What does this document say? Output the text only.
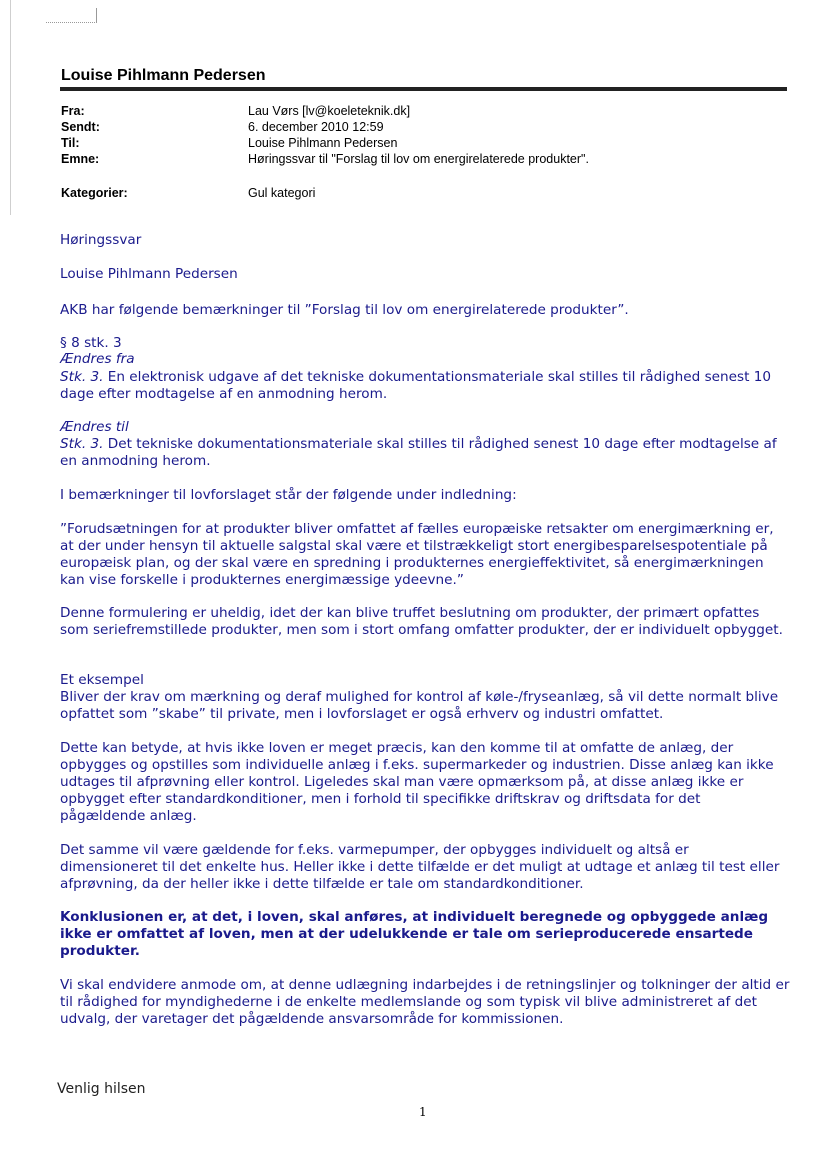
Louise Pihlmann Pedersen
Fra:	Lau Vørs [lv@koeleteknik.dk]
Sendt:	6. december 2010 12:59
Til:	Louise Pihlmann Pedersen
Emne:	Høringssvar til "Forslag til lov om energirelaterede produkter".
Kategorier:	Gul kategori
Høringssvar
Louise Pihlmann Pedersen
AKB har følgende bemærkninger til ”Forslag til lov om energirelaterede produkter”.
§ 8 stk. 3
Ændres fra
Stk. 3. En elektronisk udgave af det tekniske dokumentationsmateriale skal stilles til rådighed senest 10 dage efter modtagelse af en anmodning herom.
Ændres til
Stk. 3. Det tekniske dokumentationsmateriale skal stilles til rådighed senest 10 dage efter modtagelse af en anmodning herom.
I bemærkninger til lovforslaget står der følgende under indledning:
”Forudsætningen for at produkter bliver omfattet af fælles europæiske retsakter om energimærkning er, at der under hensyn til aktuelle salgstal skal være et tilstrækkeligt stort energibesparelsespotentiale på europæisk plan, og der skal være en spredning i produkternes energieffektivitet, så energimærkningen kan vise forskelle i produkternes energimæssige ydeevne.”
Denne formulering er uheldig, idet der kan blive truffet beslutning om produkter, der primært opfattes som seriefremstillede produkter, men som i stort omfang omfatter produkter, der er individuelt opbygget.
Et eksempel
Bliver der krav om mærkning og deraf mulighed for kontrol af køle-/fryseanlæg, så vil dette normalt blive opfattet som ”skabe” til private, men i lovforslaget er også erhverv og industri omfattet.
Dette kan betyde, at hvis ikke loven er meget præcis, kan den komme til at omfatte de anlæg, der opbygges og opstilles som individuelle anlæg i f.eks. supermarkeder og industrien. Disse anlæg kan ikke udtages til afprøvning eller kontrol. Ligeledes skal man være opmærksom på, at disse anlæg ikke er opbygget efter standardkonditioner, men i forhold til specifikke driftskrav og driftsdata for det pågældende anlæg.
Det samme vil være gældende for f.eks. varmepumper, der opbygges individuelt og altså er dimensioneret til det enkelte hus. Heller ikke i dette tilfælde er det muligt at udtage et anlæg til test eller afprøvning, da der heller ikke i dette tilfælde er tale om standardkonditioner.
Konklusionen er, at det, i loven, skal anføres, at individuelt beregnede og opbyggede anlæg ikke er omfattet af loven, men at der udelukkende er tale om serieproducerede ensartede produkter.
Vi skal endvidere anmode om, at denne udlægning indarbejdes i de retningslinjer og tolkninger der altid er til rådighed for myndighederne i de enkelte medlemslande og som typisk vil blive administreret af det udvalg, der varetager det pågældende ansvarsområde for kommissionen.
Venlig hilsen
1
